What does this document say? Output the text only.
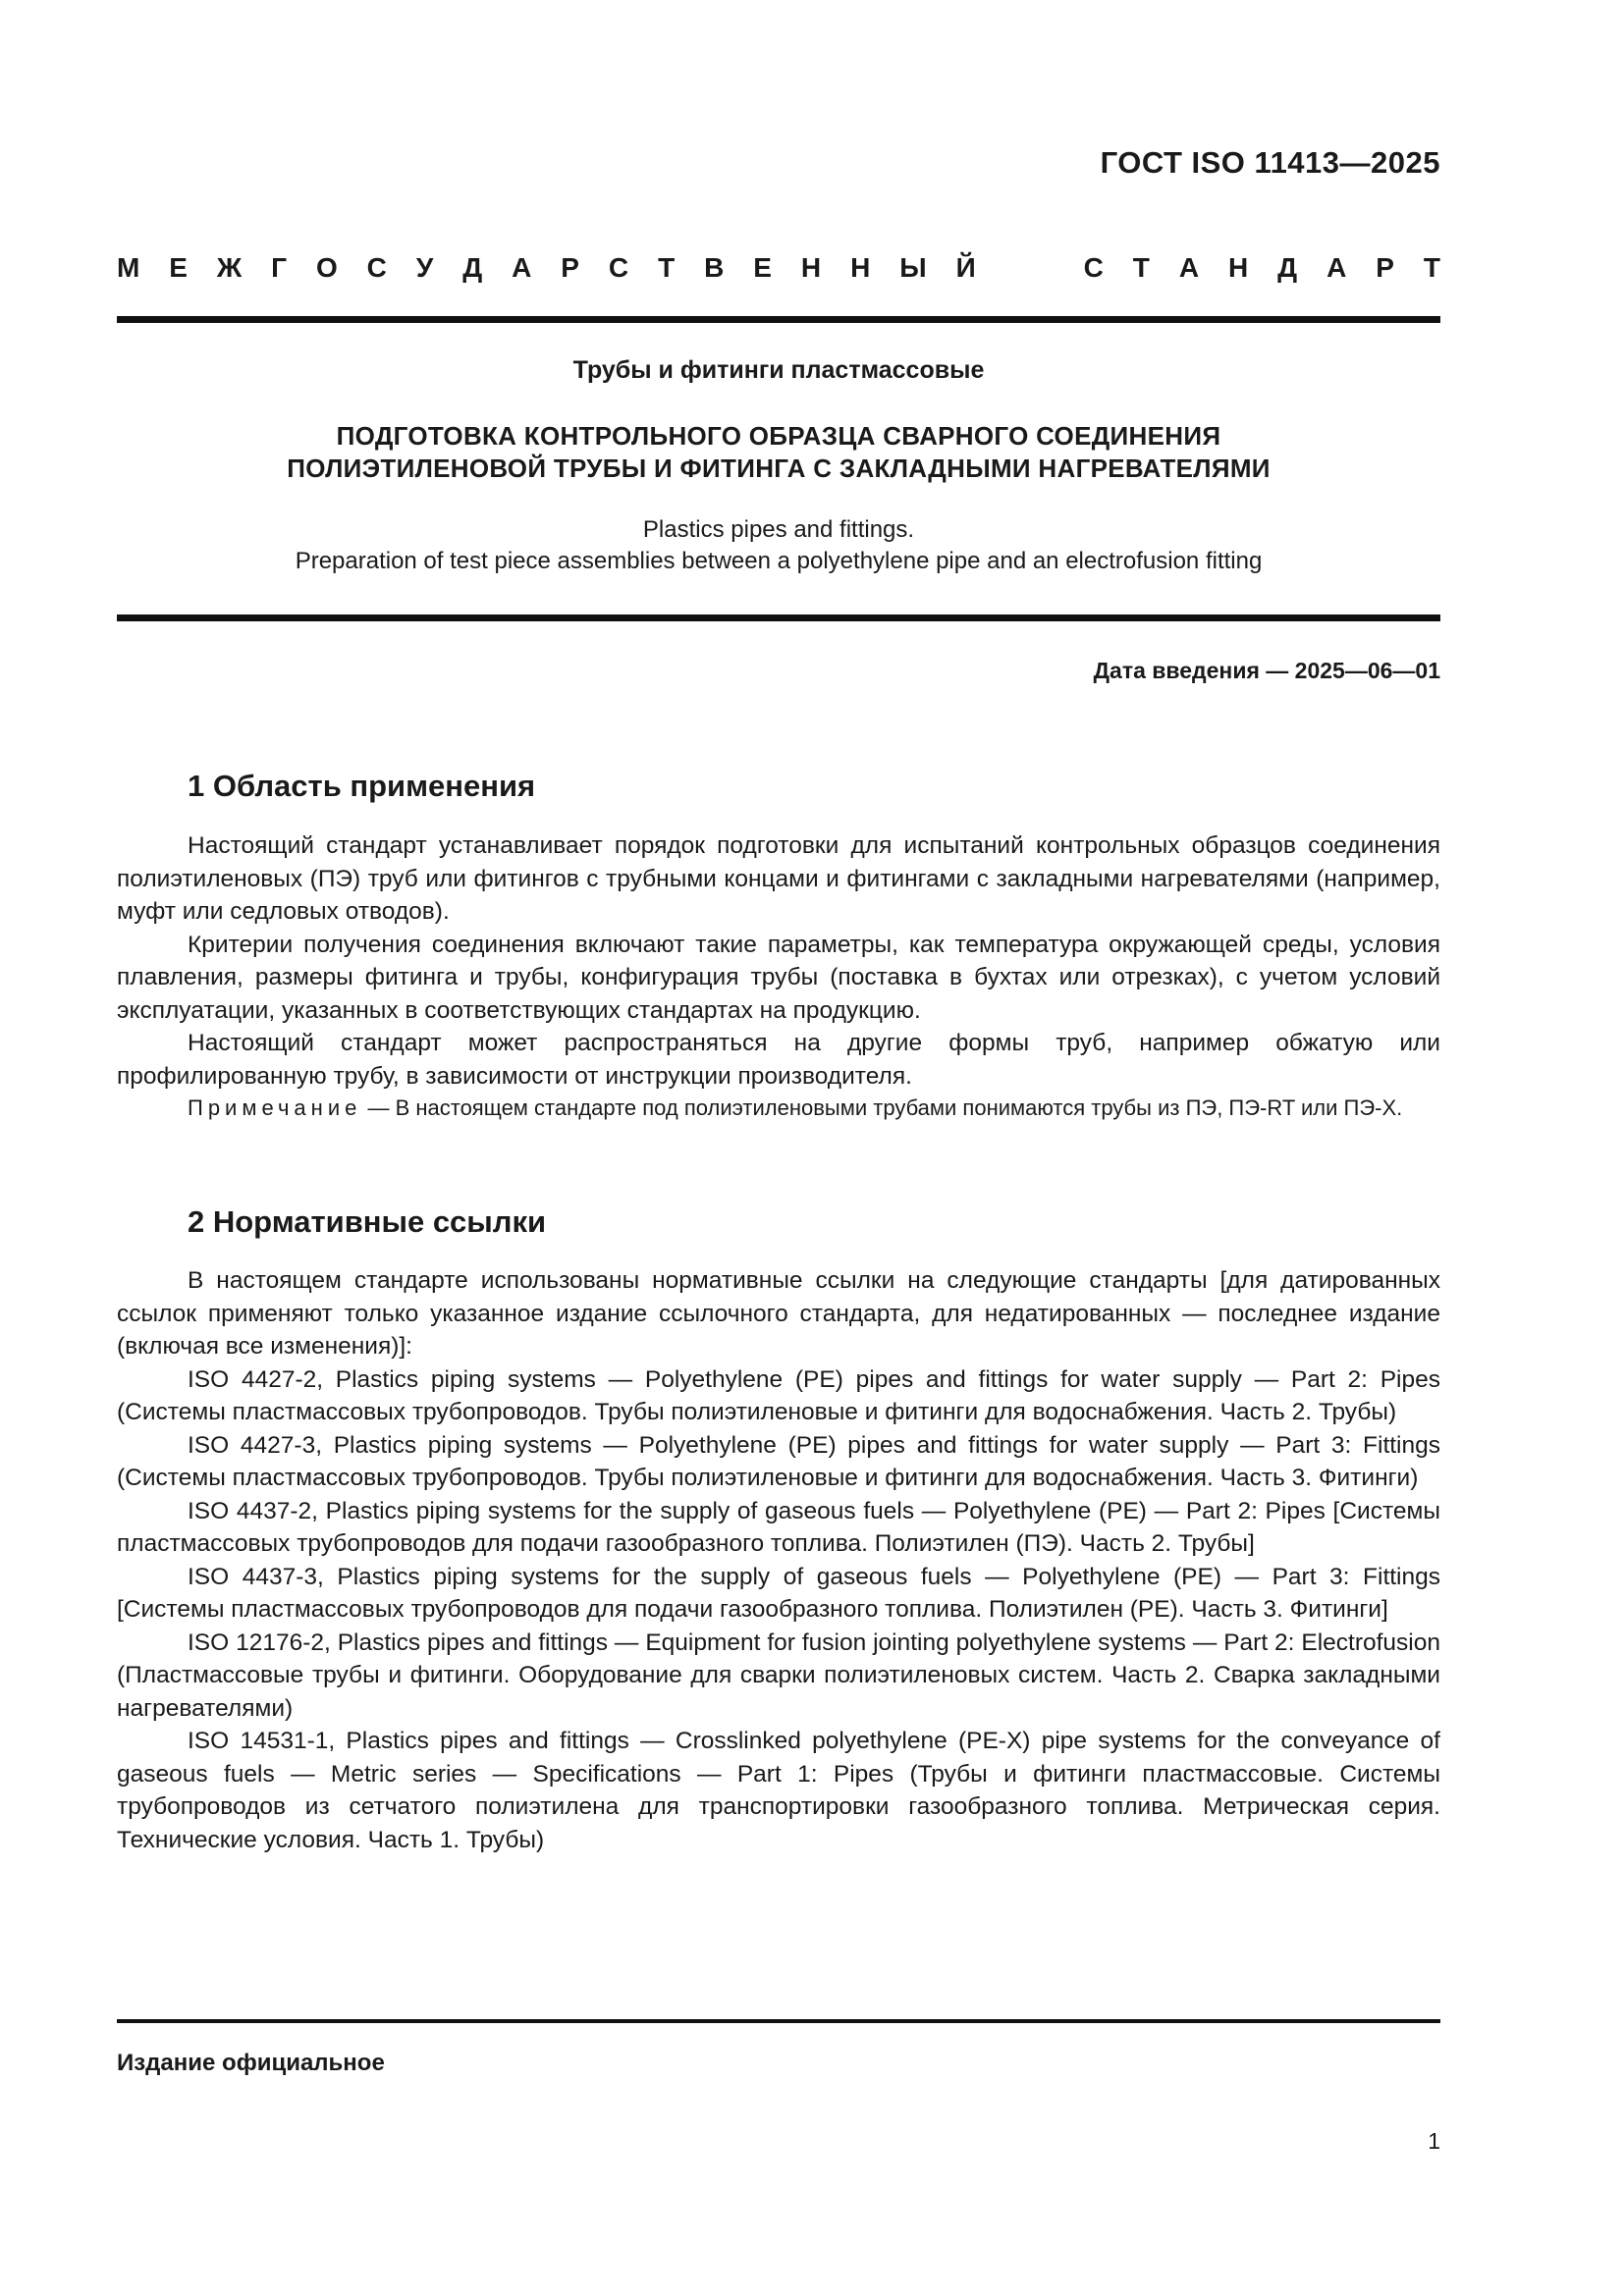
ГОСТ ISO 11413—2025
М Е Ж Г О С У Д А Р С Т В Е Н Н Ы Й	С Т А Н Д А Р Т
Трубы и фитинги пластмассовые
ПОДГОТОВКА КОНТРОЛЬНОГО ОБРАЗЦА СВАРНОГО СОЕДИНЕНИЯ
ПОЛИЭТИЛЕНОВОЙ ТРУБЫ И ФИТИНГА С ЗАКЛАДНЫМИ НАГРЕВАТЕЛЯМИ
Plastics pipes and fittings.
Preparation of test piece assemblies between a polyethylene pipe and an electrofusion fitting
Дата введения — 2025—06—01
1 Область применения

Настоящий стандарт устанавливает порядок подготовки для испытаний контрольных образцов соединения полиэтиленовых (ПЭ) труб или фитингов с трубными концами и фитингами с закладными нагревателями (например, муфт или седловых отводов).

Критерии получения соединения включают такие параметры, как температура окружающей среды, условия плавления, размеры фитинга и трубы, конфигурация трубы (поставка в бухтах или отрезках), с учетом условий эксплуатации, указанных в соответствующих стандартах на продукцию.

Настоящий стандарт может распространяться на другие формы труб, например обжатую или профилированную трубу, в зависимости от инструкции производителя.

Примечание — В настоящем стандарте под полиэтиленовыми трубами понимаются трубы из ПЭ, ПЭ-RT или ПЭ-X.

2 Нормативные ссылки

В настоящем стандарте использованы нормативные ссылки на следующие стандарты [для датированных ссылок применяют только указанное издание ссылочного стандарта, для недатированных — последнее издание (включая все изменения)]:

ISO 4427-2, Plastics piping systems — Polyethylene (PE) pipes and fittings for water supply — Part 2: Pipes (Системы пластмассовых трубопроводов. Трубы полиэтиленовые и фитинги для водоснабжения. Часть 2. Трубы)

ISO 4427-3, Plastics piping systems — Polyethylene (PE) pipes and fittings for water supply — Part 3: Fittings (Системы пластмассовых трубопроводов. Трубы полиэтиленовые и фитинги для водоснабжения. Часть 3. Фитинги)

ISO 4437-2, Plastics piping systems for the supply of gaseous fuels — Polyethylene (PE) — Part 2: Pipes [Системы пластмассовых трубопроводов для подачи газообразного топлива. Полиэтилен (ПЭ). Часть 2. Трубы]

ISO 4437-3, Plastics piping systems for the supply of gaseous fuels — Polyethylene (PE) — Part 3: Fittings [Системы пластмассовых трубопроводов для подачи газообразного топлива. Полиэтилен (PE). Часть 3. Фитинги]

ISO 12176-2, Plastics pipes and fittings — Equipment for fusion jointing polyethylene systems — Part 2: Electrofusion (Пластмассовые трубы и фитинги. Оборудование для сварки полиэтиленовых систем. Часть 2. Сварка закладными нагревателями)

ISO 14531-1, Plastics pipes and fittings — Crosslinked polyethylene (PE-X) pipe systems for the conveyance of gaseous fuels — Metric series — Specifications — Part 1: Pipes (Трубы и фитинги пластмассовые. Системы трубопроводов из сетчатого полиэтилена для транспортировки газообразного топлива. Метрическая серия. Технические условия. Часть 1. Трубы)

Издание официальное
1
